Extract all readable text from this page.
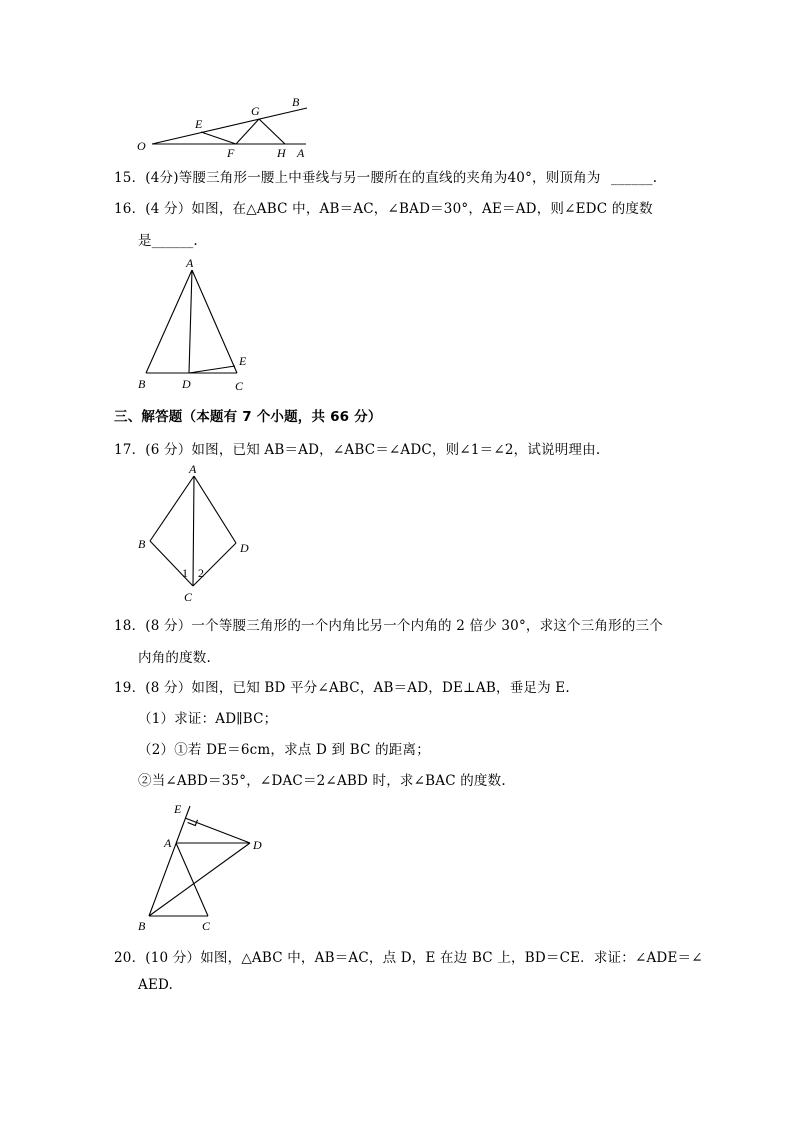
O
E
F
G
H A
B
A
B	D	C
E
A
B	D
C
1 2
E
A	D
B	C
15．(4分)等腰三角形一腰上中垂线与另一腰所在的直线的夹角为40°，则顶角为 ______.
16．(4 分）如图，在△ABC 中，AB＝AC，∠BAD＝30°，AE＝AD，则∠EDC 的度数
是______.
三、解答题（本题有 7 个小题，共 66 分）
17．(6 分）如图，已知 AB＝AD，∠ABC＝∠ADC，则∠1＝∠2，试说明理由.
18．(8 分）一个等腰三角形的一个内角比另一个内角的 2 倍少 30°，求这个三角形的三个
内角的度数.
19．(8 分）如图，已知 BD 平分∠ABC，AB＝AD，DE⊥AB，垂足为 E.
（1）求证：AD∥BC；
（2）①若 DE＝6cm，求点 D 到 BC 的距离；
②当∠ABD＝35°，∠DAC＝2∠ABD 时，求∠BAC 的度数.
20．(10 分）如图，△ABC 中，AB＝AC，点 D，E 在边 BC 上，BD＝CE．求证：∠ADE＝∠
AED.
